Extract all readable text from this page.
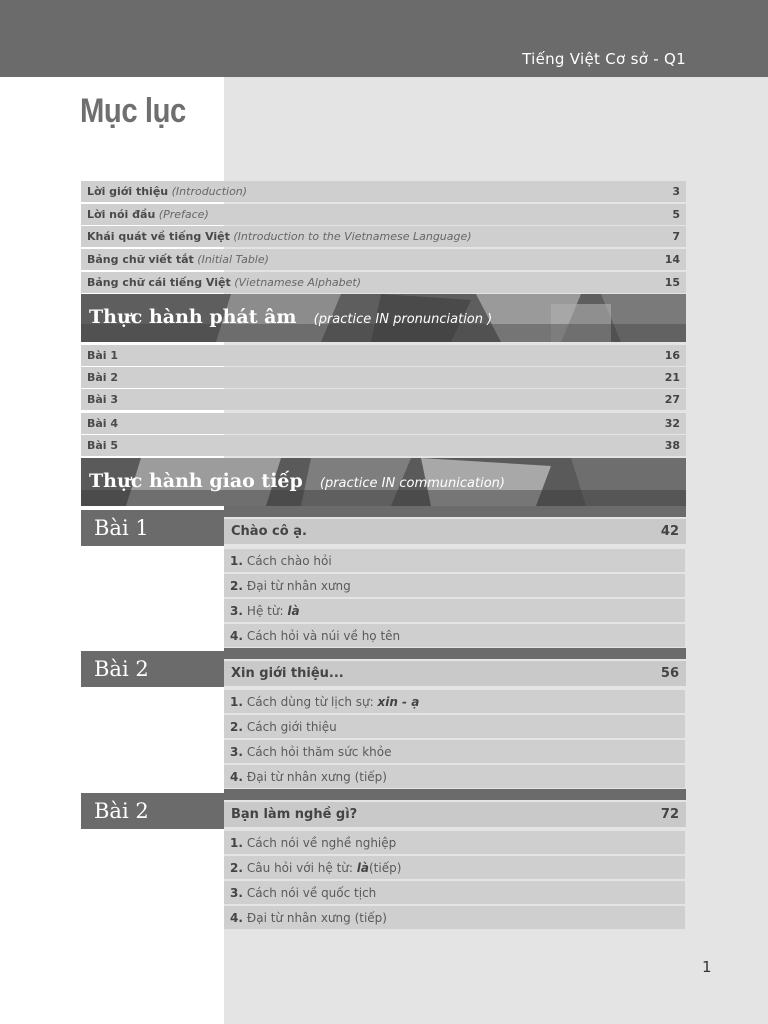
Tiếng Việt Cơ sở - Q1
Mục lục
Lời giới thiệu (Introduction)	3
Lời nói đầu (Preface)	5
Khái quát về tiếng Việt (Introduction to the Vietnamese Language)	7
Bảng chữ viết tắt (Initial Table)	14
Bảng chữ cái tiếng Việt (Vietnamese Alphabet)	15
Thực hành phát âm (practice IN pronunciation )
Bài 1	16
Bài 2	21
Bài 3	27
Bài 4	32
Bài 5	38
Thực hành giao tiếp (practice IN communication)
Bài 1	Chào cô ạ.	42
1. Cách chào hỏi
2. Đại từ nhân xưng
3. Hệ từ:
là
4. Cách hỏi và núi về họ tên
Bài 2	Xin giới thiệu...	56
1. Cách dùng từ lịch sự:
xin - ạ
2. Cách giới thiệu
3. Cách hỏi thăm sức khỏe
4. Đại từ nhân xưng (tiếp)
Bài 2	Bạn làm nghề gì?	72
1. Cách nói về nghề nghiệp
2. Câu hỏi với hệ từ:
là (tiếp)
3. Cách nói về quốc tịch
4. Đại từ nhân xưng (tiếp)
1
